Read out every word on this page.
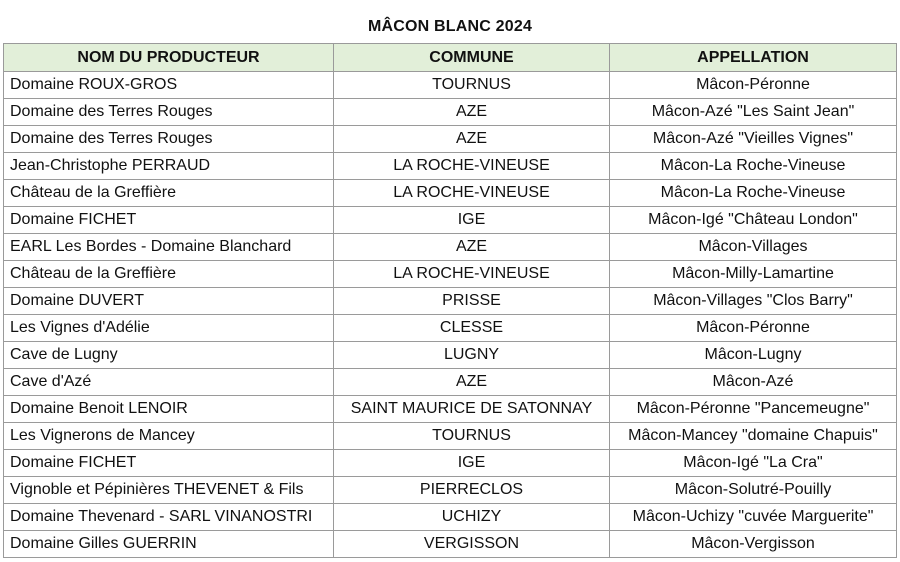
MÂCON BLANC 2024
NOM DU PRODUCTEUR	COMMUNE	APPELLATION
Domaine ROUX-GROS	TOURNUS	Mâcon-Péronne
Domaine des Terres Rouges	AZE	Mâcon-Azé "Les Saint Jean"
Domaine des Terres Rouges	AZE	Mâcon-Azé "Vieilles Vignes"
Jean-Christophe PERRAUD	LA ROCHE-VINEUSE	Mâcon-La Roche-Vineuse
Château de la Greffière	LA ROCHE-VINEUSE	Mâcon-La Roche-Vineuse
Domaine FICHET	IGE	Mâcon-Igé "Château London"
EARL Les Bordes - Domaine Blanchard	AZE	Mâcon-Villages
Château de la Greffière	LA ROCHE-VINEUSE	Mâcon-Milly-Lamartine
Domaine DUVERT	PRISSE	Mâcon-Villages "Clos Barry"
Les Vignes d'Adélie	CLESSE	Mâcon-Péronne
Cave de Lugny	LUGNY	Mâcon-Lugny
Cave d'Azé	AZE	Mâcon-Azé
Domaine Benoit LENOIR	SAINT MAURICE DE SATONNAY	Mâcon-Péronne "Pancemeugne"
Les Vignerons de Mancey	TOURNUS	Mâcon-Mancey "domaine Chapuis"
Domaine FICHET	IGE	Mâcon-Igé "La Cra"
Vignoble et Pépinières THEVENET & Fils	PIERRECLOS	Mâcon-Solutré-Pouilly
Domaine Thevenard - SARL VINANOSTRI	UCHIZY	Mâcon-Uchizy "cuvée Marguerite"
Domaine Gilles GUERRIN	VERGISSON	Mâcon-Vergisson
